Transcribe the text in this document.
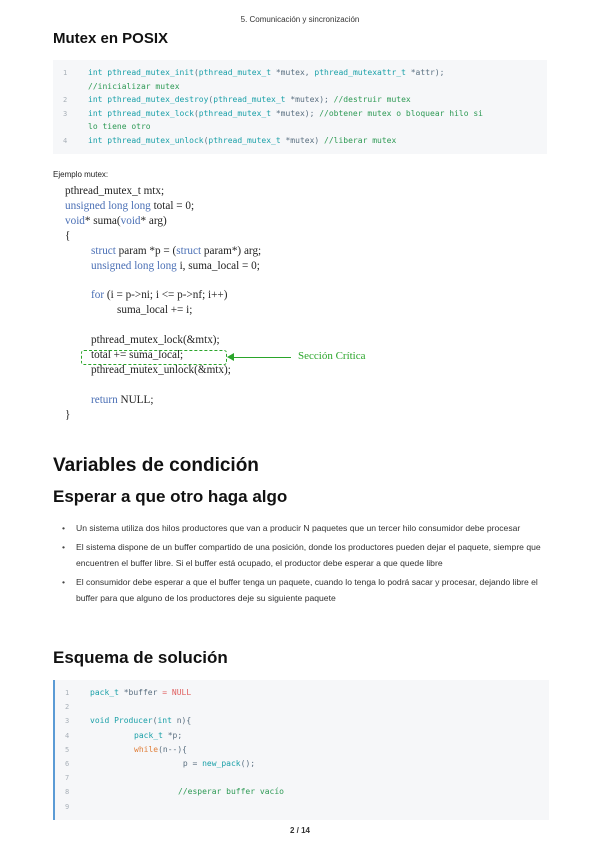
5. Comunicación y sincronización
Mutex en POSIX
1	int pthread_mutex_init(pthread_mutex_t *mutex, pthread_mutexattr_t *attr);
//inicializar mutex
2	int pthread_mutex_destroy(pthread_mutex_t *mutex); //destruir mutex
3	int pthread_mutex_lock(pthread_mutex_t *mutex); //obtener mutex o bloquear hilo si
lo tiene otro
4	int pthread_mutex_unlock(pthread_mutex_t *mutex) //liberar mutex
Ejemplo mutex:
}
return NULL;
pthread_mutex_unlock(&mtx);
total += suma_local;
pthread_mutex_lock(&mtx);
suma_local += i;
for (i = p->ni; i <= p->nf; i++)
unsigned long long i, suma_local = 0;
struct param *p = (struct param*) arg;
{
void* suma(void* arg)
unsigned long long total = 0;
pthread_mutex_t mtx;
Sección Crítica
Variables de condición
Esperar a que otro haga algo
• Un sistema utiliza dos hilos productores que van a producir N paquetes que un tercer hilo consumidor debe procesar
• El sistema dispone de un buffer compartido de una posición, donde los productores pueden dejar el paquete, siempre que encuentren el buffer libre. Si el buffer está ocupado, el productor debe esperar a que quede libre
• El consumidor debe esperar a que el buffer tenga un paquete, cuando lo tenga lo podrá sacar y procesar, dejando libre el buffer para que alguno de los productores deje su siguiente paquete
Esquema de solución
1	pack_t *buffer = NULL
2
3	void Producer(int n){
4	pack_t *p;
5	while(n--){
6	p = new_pack();
7
8	//esperar buffer vacío
9
2 / 14
